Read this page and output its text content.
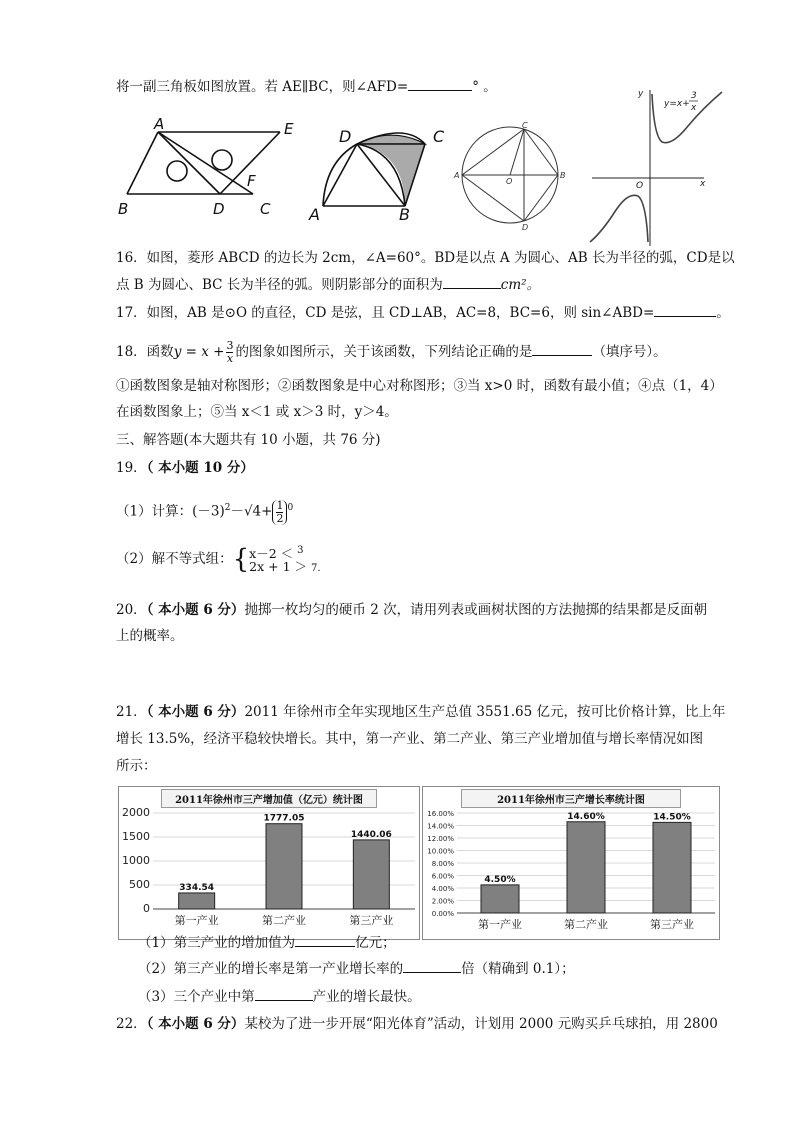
将一副三角板如图放置。若 AE∥BC，则∠AFD=	° 。
A	E
F
B	D C
D	C
A	B
C
A
O
B
D
y
y=x+
3
x
O	x
16．如图，菱形 ABCD 的边长为 2cm，∠A=60°。BD是以点 A 为圆心、AB 长为半径的弧，CD是以
点 B 为圆心、BC 长为半径的弧。则阴影部分的面积为	cm²。
17．如图，AB 是⊙O 的直径，CD 是弦，且 CD⊥AB，AC=8，BC=6，则 sin∠ABD=	。
18．函数$y = x + \frac{3}{x}$ 的图象如图所示，关于该函数，下列结论正确的是	（填序号）。
①函数图象是轴对称图形；②函数图象是中心对称图形；③当 x>0 时，函数有最小值；④点（1，4）
在函数图象上；⑤当 x＜1 或 x＞3 时，y＞4。
三、解答题(本大题共有 10 小题，共 76 分)
19．（ 本小题 10 分）
（1）计算：$(-3)^2-√4+ \frac{1}{2} ^0$
（2）解不等式组：{ x－2 ＜ $^3$
2x + 1 ＞ 7.
20．（ 本小题 6 分）抛掷一枚均匀的硬币 2 次，请用列表或画树状图的方法抛掷的结果都是反面朝
上的概率。
21．（ 本小题 6 分）2011 年徐州市全年实现地区生产总值 3551.65 亿元，按可比价格计算，比上年
增长 13.5%，经济平稳较快增长。其中，第一产业、第二产业、第三产业增加值与增长率情况如图
所示：
2011年徐州市三产增加值（亿元）统计图
0
500
1000
1500
2000
334.54
第一产业
1777.05
第二产业
1440.06
第三产业
2011年徐州市三产增长率统计图
0.00%
2.00%
4.00%
6.00%
8.00%
10.00%
12.00%
14.00%
16.00%
4.50%
第一产业
14.60%
第二产业
14.50%
第三产业
（1）第三产业的增加值为	亿元；
（2）第三产业的增长率是第一产业增长率的	倍（精确到 0.1）；
（3）三个产业中第	产业的增长最快。
22．（ 本小题 6 分）某校为了进一步开展“阳光体育”活动，计划用 2000 元购买乒乓球拍，用 2800
